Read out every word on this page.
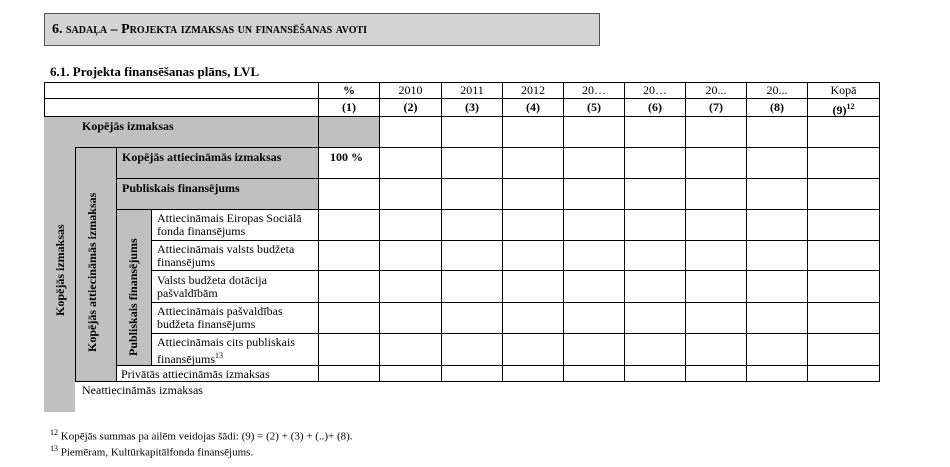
6. sadaļa – Projekta izmaksas un finansēšanas avoti
6.1. Projekta finansēšanas plāns, LVL
%	2010	2011	2012	20…	20…	20...	20...	Kopā
(1)	(2)	(3)	(4)	(5)	(6)	(7)	(8)	$(9)^{12}$
Kopējās izmaksas
Kopējās attiecināmās izmaksas	100 %
Publiskais finansējums
Attiecināmais Eiropas Sociālā fonda finansējums
Attiecināmais valsts budžeta finansējums
Valsts budžeta dotācija pašvaldībām
Attiecināmais pašvaldības budžeta finansējums
Attiecināmais cits publiskais finansējums$^{13}$
Privātās attiecināmās izmaksas
Neattiecināmās izmaksas
Kopējās izmaksas Kopējās attiecināmās izmaksas Publiskais finansējums
$^{12}$ Kopējās summas pa ailēm veidojas šādi: (9) = (2) + (3) + (..)+ (8).
$^{13}$ Piemēram, Kultūrkapitālfonda finansējums.
